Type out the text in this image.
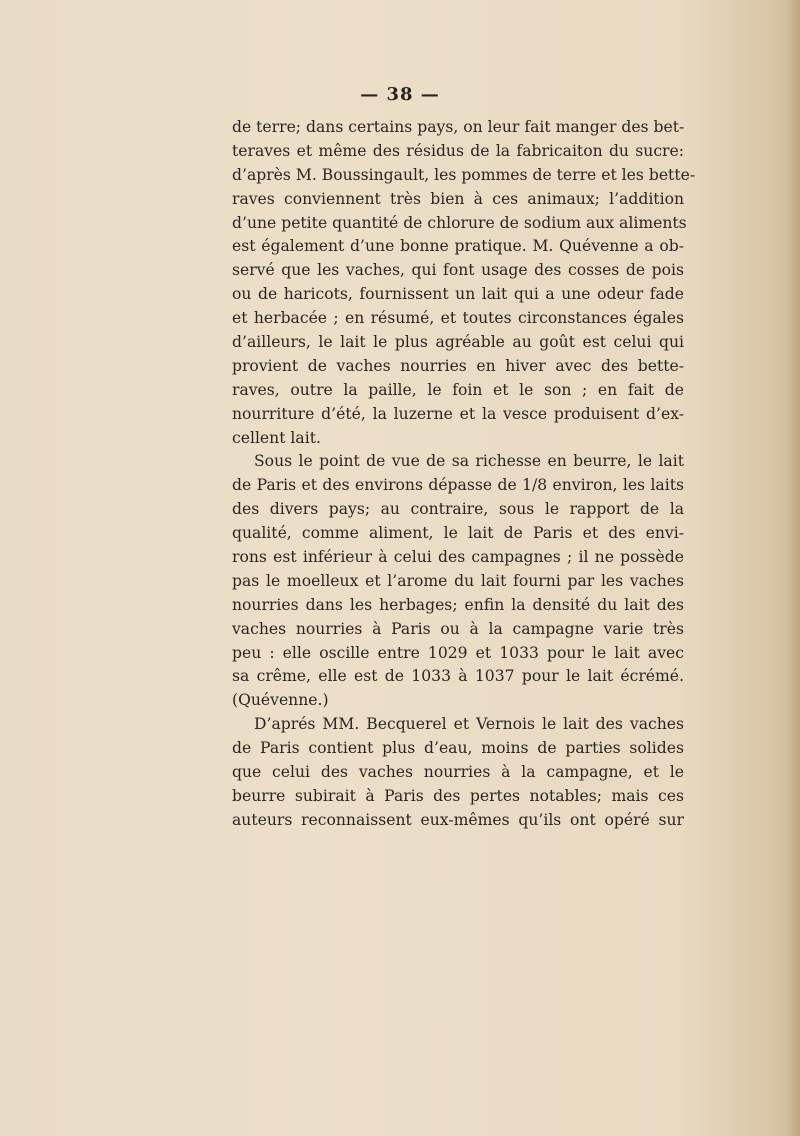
— 38 —
de terre; dans certains pays, on leur fait manger des bet-
teraves et même des résidus de la fabricaiton du sucre:
d’après M. Boussingault, les pommes de terre et les bette-
raves conviennent très bien à ces animaux; l’addition
d’une petite quantité de chlorure de sodium aux aliments
est également d’une bonne pratique. M. Quévenne a ob-
servé que les vaches, qui font usage des cosses de pois
ou de haricots, fournissent un lait qui a une odeur fade
et herbacée ; en résumé, et toutes circonstances égales
d’ailleurs, le lait le plus agréable au goût est celui qui
provient de vaches nourries en hiver avec des bette-
raves, outre la paille, le foin et le son ; en fait de
nourriture d’été, la luzerne et la vesce produisent d’ex-
cellent lait.
Sous le point de vue de sa richesse en beurre, le lait
de Paris et des environs dépasse de 1/8 environ, les laits
des divers pays; au contraire, sous le rapport de la
qualité, comme aliment, le lait de Paris et des envi-
rons est inférieur à celui des campagnes ; il ne possède
pas le moelleux et l’arome du lait fourni par les vaches
nourries dans les herbages; enfin la densité du lait des
vaches nourries à Paris ou à la campagne varie très
peu : elle oscille entre 1029 et 1033 pour le lait avec
sa crême, elle est de 1033 à 1037 pour le lait écrémé.
(Quévenne.)
D’aprés MM. Becquerel et Vernois le lait des vaches
de Paris contient plus d’eau, moins de parties solides
que celui des vaches nourries à la campagne, et le
beurre subirait à Paris des pertes notables; mais ces
auteurs reconnaissent eux-mêmes qu’ils ont opéré sur
